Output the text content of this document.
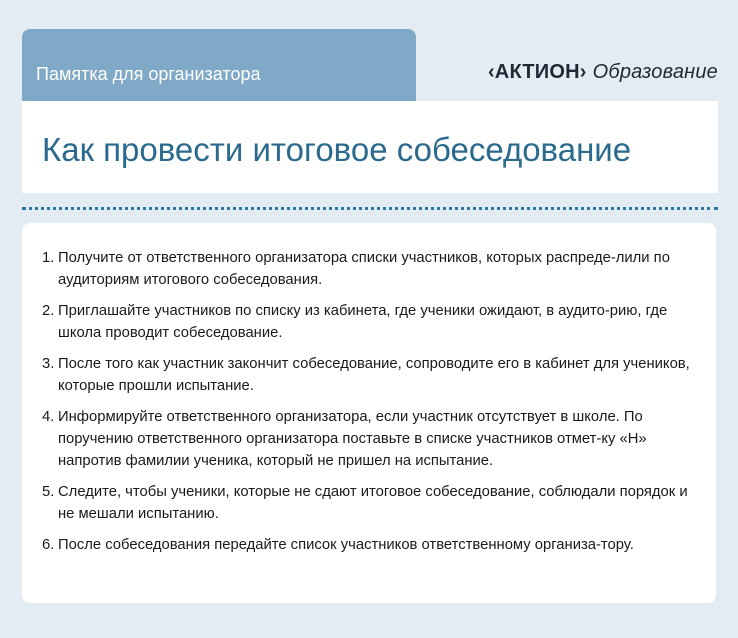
Памятка для организатора	‹АКТИОН› Образование
Как провести итоговое собеседование
1. Получите от ответственного организатора списки участников, которых распреде-лили по аудиториям итогового собеседования.
2. Приглашайте участников по списку из кабинета, где ученики ожидают, в аудито-рию, где школа проводит собеседование.
3. После того как участник закончит собеседование, сопроводите его в кабинет для учеников, которые прошли испытание.
4. Информируйте ответственного организатора, если участник отсутствует в школе. По поручению ответственного организатора поставьте в списке участников отмет-ку «Н» напротив фамилии ученика, который не пришел на испытание.
5. Следите, чтобы ученики, которые не сдают итоговое собеседование, соблюдали порядок и не мешали испытанию.
6. После собеседования передайте список участников ответственному организа-тору.
